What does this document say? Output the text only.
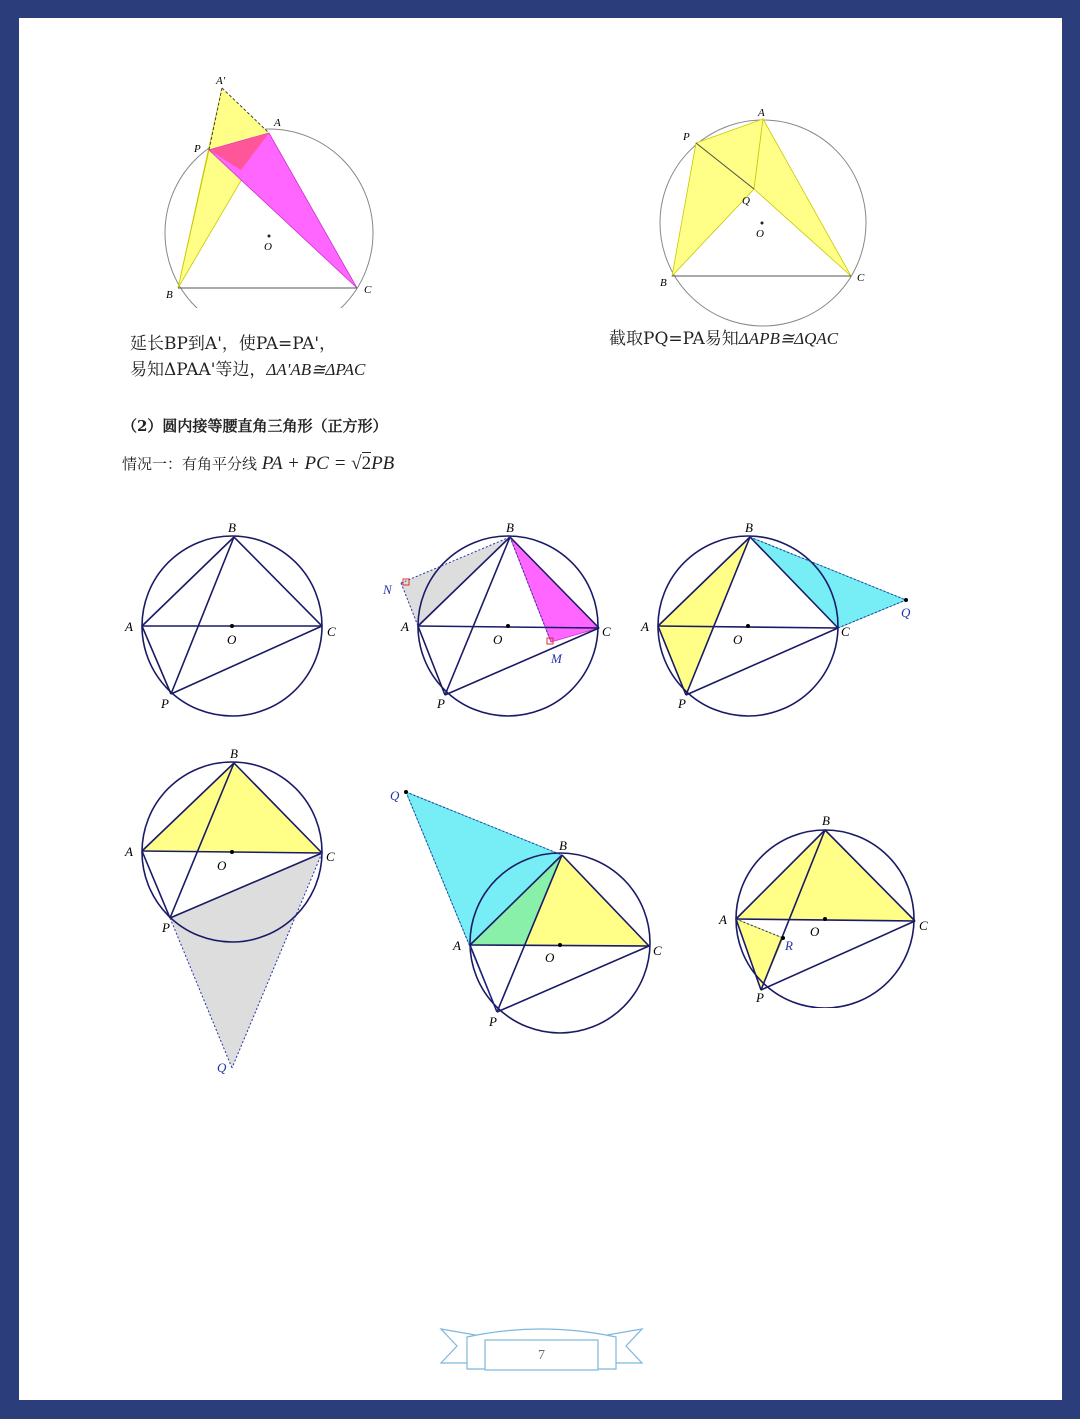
O
A'
A
P
B	C
延长BP到A'，使PA=PA'，
易知ΔPAA'等边，ΔA'AB≅ΔPAC
O
A
P
Q
B	C
截取PQ=PA易知ΔAPB≅ΔQAC
（2）圆内接等腰直角三角形（正方形）
情况一：有角平分线 PA + PC = √2PB
O
A
B
C
P
O
A
B
C
P
N
M
O
A
B
C
P
Q
O
A
B
C
P
Q
O
A
B
C
P
Q
O
A
B
C
P
R
7
